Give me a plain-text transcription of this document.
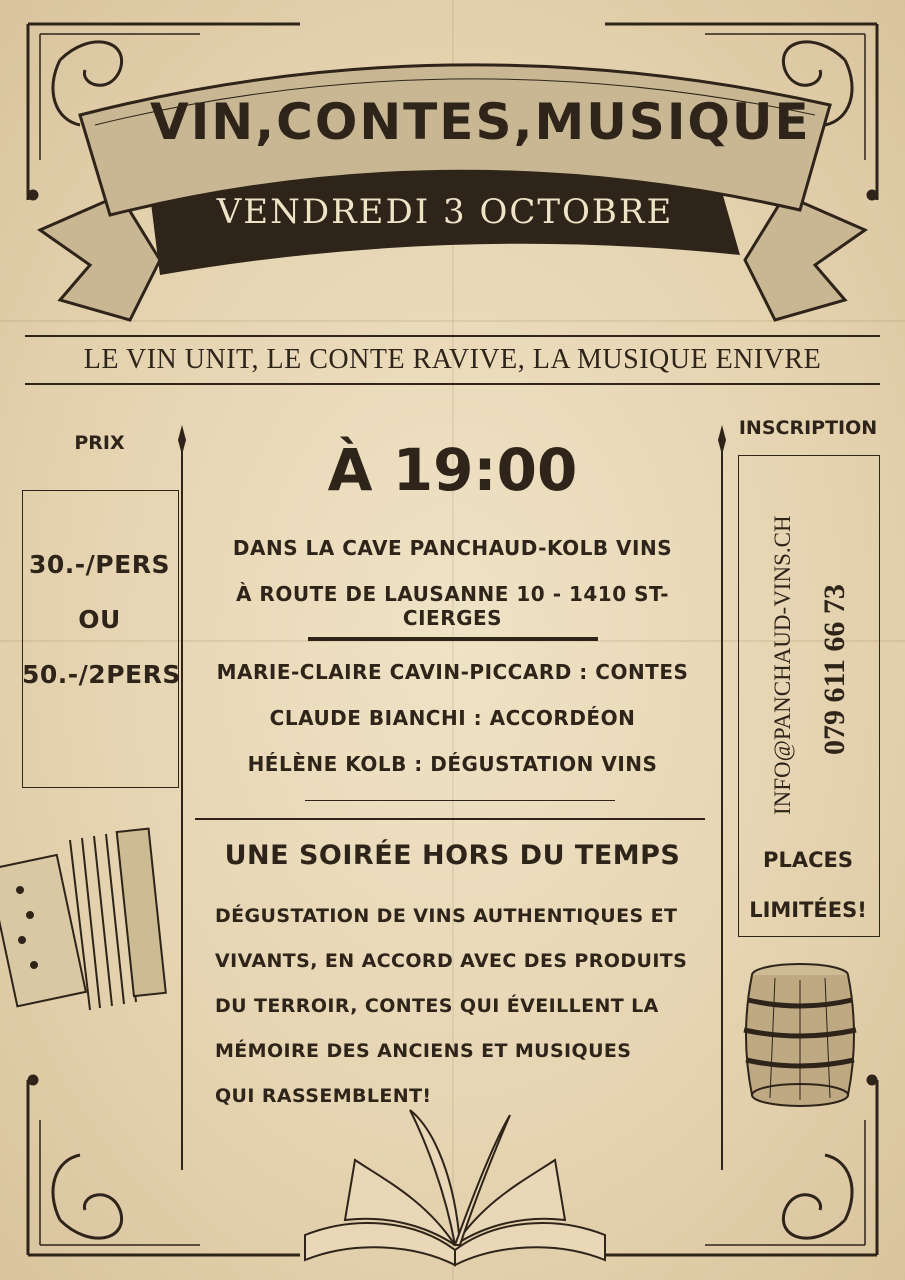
VIN,CONTES,MUSIQUE
VENDREDI 3 OCTOBRE
LE VIN UNIT, LE CONTE RAVIVE, LA MUSIQUE ENIVRE
PRIX
30.-/PERS
OU
50.-/2PERS
À 19:00
DANS LA CAVE PANCHAUD-KOLB VINS
À ROUTE DE LAUSANNE 10 - 1410 ST-CIERGES
MARIE-CLAIRE CAVIN-PICCARD : CONTES
CLAUDE BIANCHI : ACCORDÉON
HÉLÈNE KOLB : DÉGUSTATION VINS
UNE SOIRÉE HORS DU TEMPS
DÉGUSTATION DE VINS AUTHENTIQUES ET
VIVANTS, EN ACCORD AVEC DES PRODUITS
DU TERROIR, CONTES QUI ÉVEILLENT LA
MÉMOIRE DES ANCIENS ET MUSIQUES
QUI RASSEMBLENT!
INSCRIPTION
INFO@PANCHAUD-VINS.CH 079 611 66 73
PLACES
LIMITÉES!
